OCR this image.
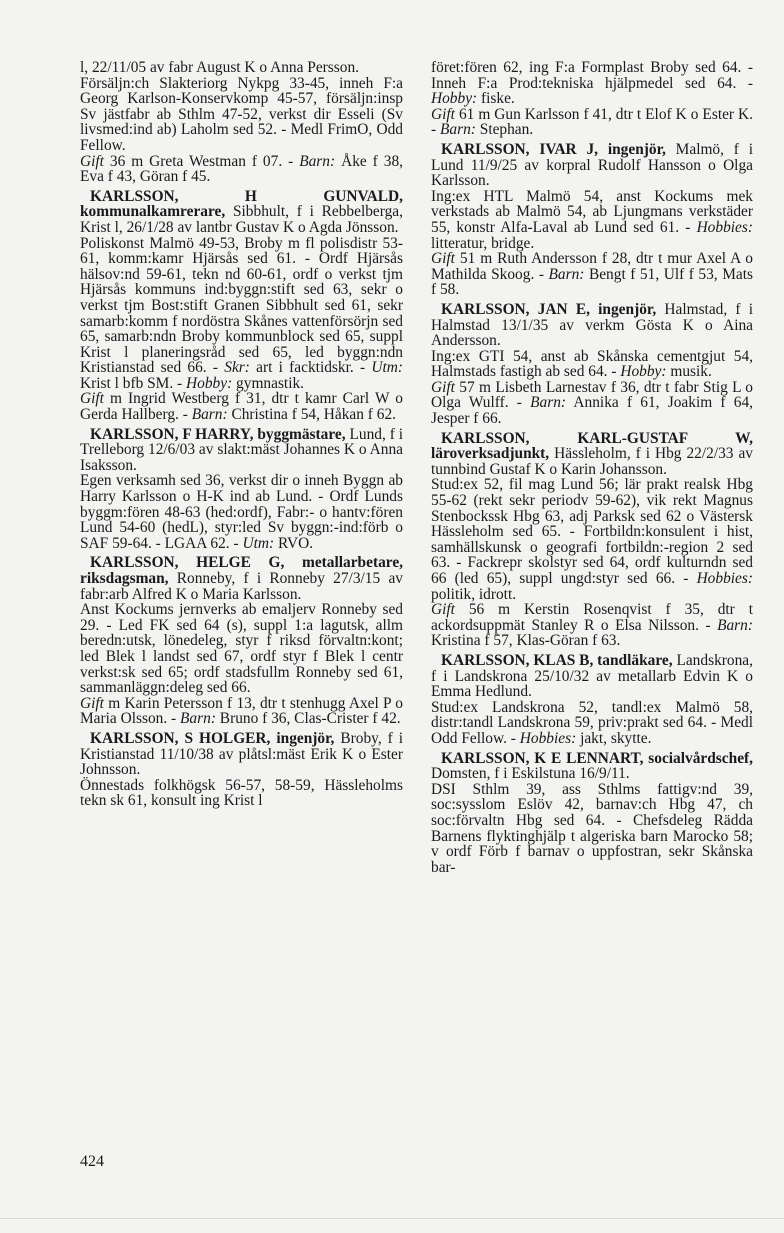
l, 22/11/05 av fabr August K o Anna Persson.

Försäljn:ch Slakteriorg Nykpg 33-45, inneh F:a Georg Karlson-Konservkomp 45-57, försäljn:insp Sv jästfabr ab Sthlm 47-52, verkst dir Esseli (Sv livsmed:ind ab) Laholm sed 52. - Medl FrimO, Odd Fellow.

Gift 36 m Greta Westman f 07. - Barn: Åke f 38, Eva f 43, Göran f 45.

KARLSSON, H GUNVALD, kommunalkamrerare, Sibbhult, f i Rebbelberga, Krist l, 26/1/28 av lantbr Gustav K o Agda Jönsson.

Poliskonst Malmö 49-53, Broby m fl polisdistr 53-61, komm:kamr Hjärsås sed 61. - Ordf Hjärsås hälsov:nd 59-61, tekn nd 60-61, ordf o verkst tjm Hjärsås kommuns ind:byggn:stift sed 63, sekr o verkst tjm Bost:stift Granen Sibbhult sed 61, sekr samarb:komm f nordöstra Skånes vattenförsörjn sed 65, samarb:ndn Broby kommunblock sed 65, suppl Krist l planeringsråd sed 65, led byggn:ndn Kristianstad sed 66. - Skr: art i facktidskr. - Utm: Krist l bfb SM. - Hobby: gymnastik.

Gift m Ingrid Westberg f 31, dtr t kamr Carl W o Gerda Hallberg. - Barn: Christina f 54, Håkan f 62.

KARLSSON, F HARRY, byggmästare, Lund, f i Trelleborg 12/6/03 av slakt:mäst Johannes K o Anna Isaksson.

Egen verksamh sed 36, verkst dir o inneh Byggn ab Harry Karlsson o H-K ind ab Lund. - Ordf Lunds byggm:fören 48-63 (hed:ordf), Fabr:- o hantv:fören Lund 54-60 (hedL), styr:led Sv byggn:-ind:förb o SAF 59-64. - LGAA 62. - Utm: RVO.

KARLSSON, HELGE G, metallarbetare, riksdagsman, Ronneby, f i Ronneby 27/3/15 av fabr:arb Alfred K o Maria Karlsson.

Anst Kockums jernverks ab emaljerv Ronneby sed 29. - Led FK sed 64 (s), suppl 1:a lagutsk, allm beredn:utsk, lönedeleg, styr f riksd förvaltn:kont; led Blek l landst sed 67, ordf styr f Blek l centr verkst:sk sed 65; ordf stadsfullm Ronneby sed 61, sammanläggn:deleg sed 66.

Gift m Karin Petersson f 13, dtr t stenhugg Axel P o Maria Olsson. - Barn: Bruno f 36, Clas-Crister f 42.

KARLSSON, S HOLGER, ingenjör, Broby, f i Kristianstad 11/10/38 av plåtsl:mäst Erik K o Ester Johnsson.

Önnestads folkhögsk 56-57, 58-59, Hässleholms tekn sk 61, konsult ing Krist l

föret:fören 62, ing F:a Formplast Broby sed 64. - Inneh F:a Prod:tekniska hjälpmedel sed 64. - Hobby: fiske.

Gift 61 m Gun Karlsson f 41, dtr t Elof K o Ester K. - Barn: Stephan.

KARLSSON, IVAR J, ingenjör, Malmö, f i Lund 11/9/25 av korpral Rudolf Hansson o Olga Karlsson.

Ing:ex HTL Malmö 54, anst Kockums mek verkstads ab Malmö 54, ab Ljungmans verkstäder 55, konstr Alfa-Laval ab Lund sed 61. - Hobbies: litteratur, bridge.

Gift 51 m Ruth Andersson f 28, dtr t mur Axel A o Mathilda Skoog. - Barn: Bengt f 51, Ulf f 53, Mats f 58.

KARLSSON, JAN E, ingenjör, Halmstad, f i Halmstad 13/1/35 av verkm Gösta K o Aina Andersson.

Ing:ex GTI 54, anst ab Skånska cementgjut 54, Halmstads fastigh ab sed 64. - Hobby: musik.

Gift 57 m Lisbeth Larnestav f 36, dtr t fabr Stig L o Olga Wulff. - Barn: Annika f 61, Joakim f 64, Jesper f 66.

KARLSSON, KARL-GUSTAF W, läroverksadjunkt, Hässleholm, f i Hbg 22/2/33 av tunnbind Gustaf K o Karin Johansson.

Stud:ex 52, fil mag Lund 56; lär prakt realsk Hbg 55-62 (rekt sekr periodv 59-62), vik rekt Magnus Stenbockssk Hbg 63, adj Parksk sed 62 o Västersk Hässleholm sed 65. - Fortbildn:konsulent i hist, samhällskunsk o geografi fortbildn:-region 2 sed 63. - Fackrepr skolstyr sed 64, ordf kulturndn sed 66 (led 65), suppl ungd:styr sed 66. - Hobbies: politik, idrott.

Gift 56 m Kerstin Rosenqvist f 35, dtr t ackordsuppmät Stanley R o Elsa Nilsson. - Barn: Kristina f 57, Klas-Göran f 63.

KARLSSON, KLAS B, tandläkare, Landskrona, f i Landskrona 25/10/32 av metallarb Edvin K o Emma Hedlund.

Stud:ex Landskrona 52, tandl:ex Malmö 58, distr:tandl Landskrona 59, priv:prakt sed 64. - Medl Odd Fellow. - Hobbies: jakt, skytte.

KARLSSON, K E LENNART, socialvårdschef, Domsten, f i Eskilstuna 16/9/11.

DSI Sthlm 39, ass Sthlms fattigv:nd 39, soc:sysslom Eslöv 42, barnav:ch Hbg 47, ch soc:förvaltn Hbg sed 64. - Chefsdeleg Rädda Barnens flyktinghjälp t algeriska barn Marocko 58; v ordf Förb f barnav o uppfostran, sekr Skånska bar-

424
